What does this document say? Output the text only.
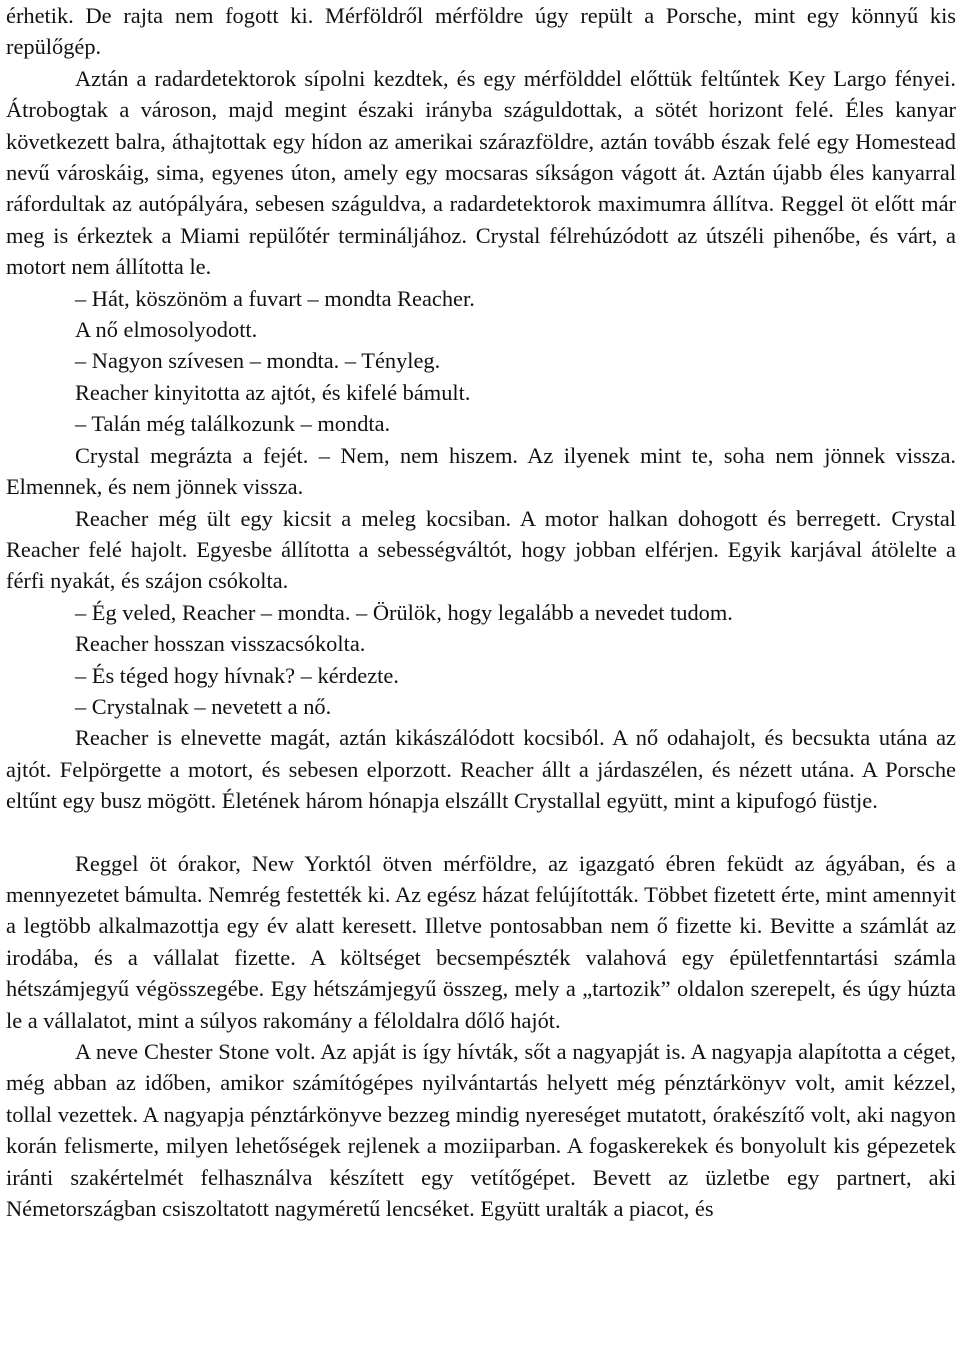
érhetik. De rajta nem fogott ki. Mérföldről mérföldre úgy repült a Porsche, mint egy könnyű kis repülőgép.

Aztán a radardetektorok sípolni kezdtek, és egy mérfölddel előttük feltűntek Key Largo fényei. Átrobogtak a városon, majd megint északi irányba száguldottak, a sötét horizont felé. Éles kanyar következett balra, áthajtottak egy hídon az amerikai szárazföldre, aztán tovább észak felé egy Homestead nevű városkáig, sima, egyenes úton, amely egy mocsaras síkságon vágott át. Aztán újabb éles kanyarral ráfordultak az autópályára, sebesen száguldva, a radardetektorok maximumra állítva. Reggel öt előtt már meg is érkeztek a Miami repülőtér termináljához. Crystal félrehúzódott az útszéli pihenőbe, és várt, a motort nem állította le.

– Hát, köszönöm a fuvart – mondta Reacher.

A nő elmosolyodott.

– Nagyon szívesen – mondta. – Tényleg.

Reacher kinyitotta az ajtót, és kifelé bámult.

– Talán még találkozunk – mondta.

Crystal megrázta a fejét. – Nem, nem hiszem. Az ilyenek mint te, soha nem jönnek vissza. Elmennek, és nem jönnek vissza.

Reacher még ült egy kicsit a meleg kocsiban. A motor halkan dohogott és berregett. Crystal Reacher felé hajolt. Egyesbe állította a sebességváltót, hogy jobban elférjen. Egyik karjával átölelte a férfi nyakát, és szájon csókolta.

– Ég veled, Reacher – mondta. – Örülök, hogy legalább a nevedet tudom.

Reacher hosszan visszacsókolta.

– És téged hogy hívnak? – kérdezte.

– Crystalnak – nevetett a nő.

Reacher is elnevette magát, aztán kikászálódott kocsiból. A nő odahajolt, és becsukta utána az ajtót. Felpörgette a motort, és sebesen elporzott. Reacher állt a járdaszélen, és nézett utána. A Porsche eltűnt egy busz mögött. Életének három hónapja elszállt Crystallal együtt, mint a kipufogó füstje.

Reggel öt órakor, New Yorktól ötven mérföldre, az igazgató ébren feküdt az ágyában, és a mennyezetet bámulta. Nemrég festették ki. Az egész házat felújították. Többet fizetett érte, mint amennyit a legtöbb alkalmazottja egy év alatt keresett. Illetve pontosabban nem ő fizette ki. Bevitte a számlát az irodába, és a vállalat fizette. A költséget becsempészték valahová egy épületfenntartási számla hétszámjegyű végösszegébe. Egy hétszámjegyű összeg, mely a „tartozik” oldalon szerepelt, és úgy húzta le a vállalatot, mint a súlyos rakomány a féloldalra dőlő hajót.

A neve Chester Stone volt. Az apját is így hívták, sőt a nagyapját is. A nagyapja alapította a céget, még abban az időben, amikor számítógépes nyilvántartás helyett még pénztárkönyv volt, amit kézzel, tollal vezettek. A nagyapja pénztárkönyve bezzeg mindig nyereséget mutatott, órakészítő volt, aki nagyon korán felismerte, milyen lehetőségek rejlenek a moziiparban. A fogaskerekek és bonyolult kis gépezetek iránti szakértelmét felhasználva készített egy vetítőgépet. Bevett az üzletbe egy partnert, aki Németországban csiszoltatott nagyméretű lencséket. Együtt uralták a piacot, és
